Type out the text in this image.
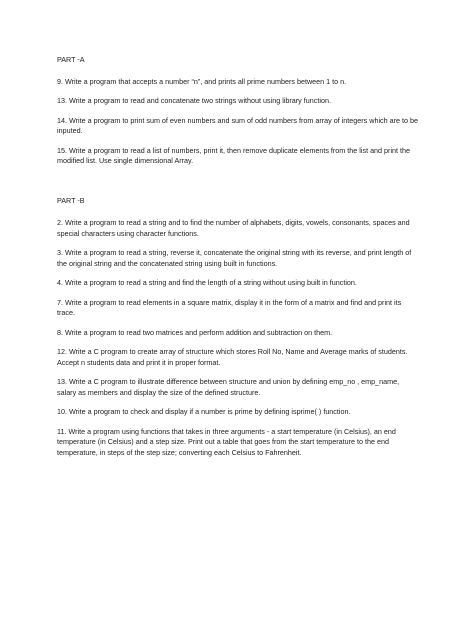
PART -A
9. Write a program that accepts a number “n”, and prints all prime numbers between 1 to n.
13. Write a program to read and concatenate two strings without using library function.
14. Write a program to print sum of even numbers and sum of odd numbers from array of integers which are to be inputed.
15. Write a program to read a list of numbers, print it, then remove duplicate elements from the list and print the modified list. Use single dimensional Array.
PART -B
2. Write a program to read a string and to find the number of alphabets, digits, vowels, consonants, spaces and special characters using character functions.
3. Write a program to read a string, reverse it, concatenate the original string with its reverse, and print length of the original string and the concatenated string using built in functions.
4. Write a program to read a string and find the length of a string without using built in function.
7. Write a program to read elements in a square matrix, display it in the form of a matrix and find and print its trace.
8. Write a program to read two matrices and perform addition and subtraction on them.
12. Write a C program to create array of structure which stores Roll No, Name and Average marks of students. Accept n students data and print it in proper format.
13. Write a C program to illustrate difference between structure and union by defining emp_no , emp_name, salary as members and display the size of the defined structure.
10. Write a program to check and display if a number is prime by defining isprime( ) function.
11. Write a program using functions that takes in three arguments - a start temperature (in Celsius), an end temperature (in Celsius) and a step size. Print out a table that goes from the start temperature to the end temperature, in steps of the step size; converting each Celsius to Fahrenheit.
